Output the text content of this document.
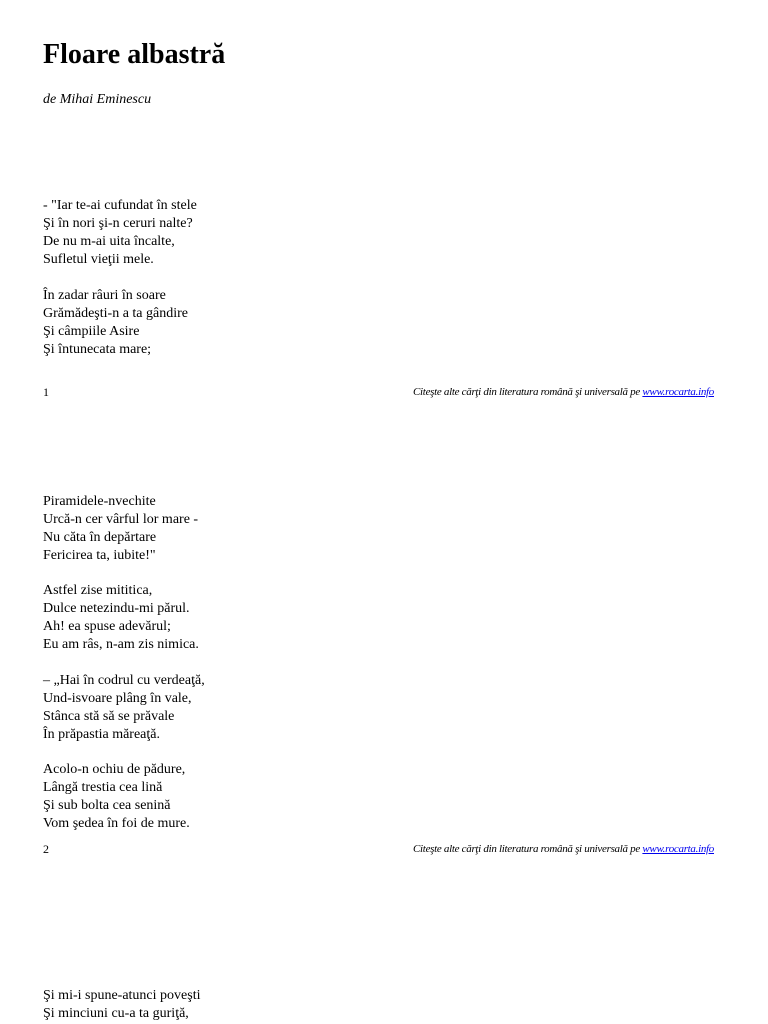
Floare albastră
de Mihai Eminescu
- "Iar te-ai cufundat în stele
Şi în nori şi-n ceruri nalte?
De nu m-ai uita încalte,
Sufletul vieţii mele.
În zadar râuri în soare
Grămădeşti-n a ta gândire
Şi câmpiile Asire
Şi întunecata mare;
1	Citeşte alte cărţi din literatura română şi universală pe www.rocarta.info
Piramidele-nvechite
Urcă-n cer vârful lor mare -
Nu căta în depărtare
Fericirea ta, iubite!"
Astfel zise mititica,
Dulce netezindu-mi părul.
Ah! ea spuse adevărul;
Eu am râs, n-am zis nimica.
– „Hai în codrul cu verdeaţă,
Und-isvoare plâng în vale,
Stânca stă să se prăvale
În prăpastia măreaţă.
Acolo-n ochiu de pădure,
Lângă trestia cea lină
Şi sub bolta cea senină
Vom şedea în foi de mure.
2	Citeşte alte cărţi din literatura română şi universală pe www.rocarta.info
Şi mi-i spune-atunci poveşti
Şi minciuni cu-a ta guriţă,
